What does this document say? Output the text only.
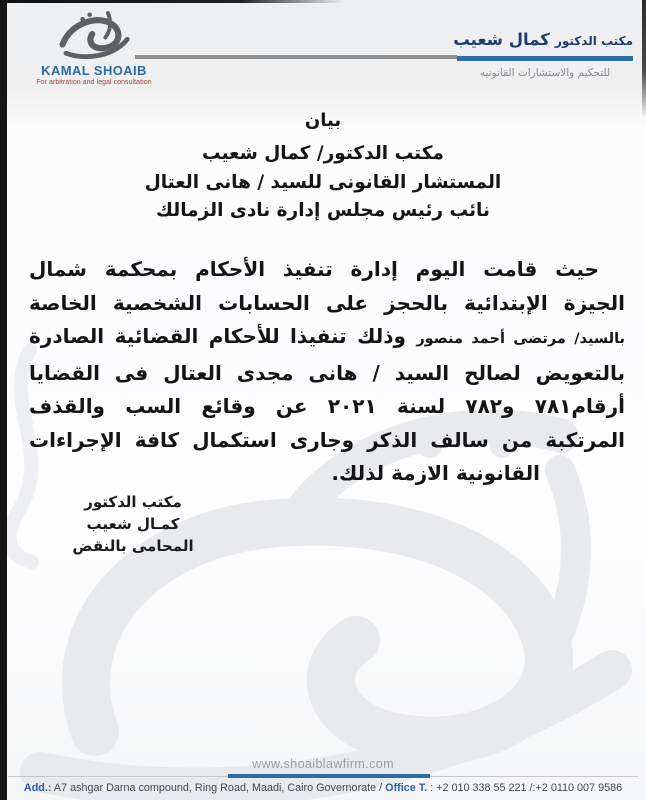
KAMAL SHOAIB
For arbitration and legal consultation
مكتب الدكتور كمال شعيب
للتحكيم والاستشارات القانونيه
بيان
مكتب الدكتور/ كمال شعيب
المستشار القانونى للسيد / هانى العتال
نائب رئيس مجلس إدارة نادى الزمالك
حيث قامت اليوم إدارة تنفيذ الأحكام بمحكمة شمال
الجيزة الإبتدائية بالحجز على الحسابات الشخصية الخاصة
بالسيد/ مرتضى أحمد منصور وذلك تنفيذا للأحكام القضائية الصادرة
بالتعويض لصالح السيد / هانى مجدى العتال فى القضايا
أرقام٧٨١ و٧٨٢ لسنة ٢٠٢١ عن وقائع السب والقذف
المرتكبة من سالف الذكر وجارى استكمال كافة الإجراءات
القانونية الازمة لذلك.
مكتب الدكتور
كمـال شعيب
المحامى بالنقض
www.shoaiblawfirm.com
Add.: A7 ashgar Darna compound, Ring Road, Maadi, Cairo Governorate / Office T. : +2 010 338 55 221 /:+2 0110 007 9586
